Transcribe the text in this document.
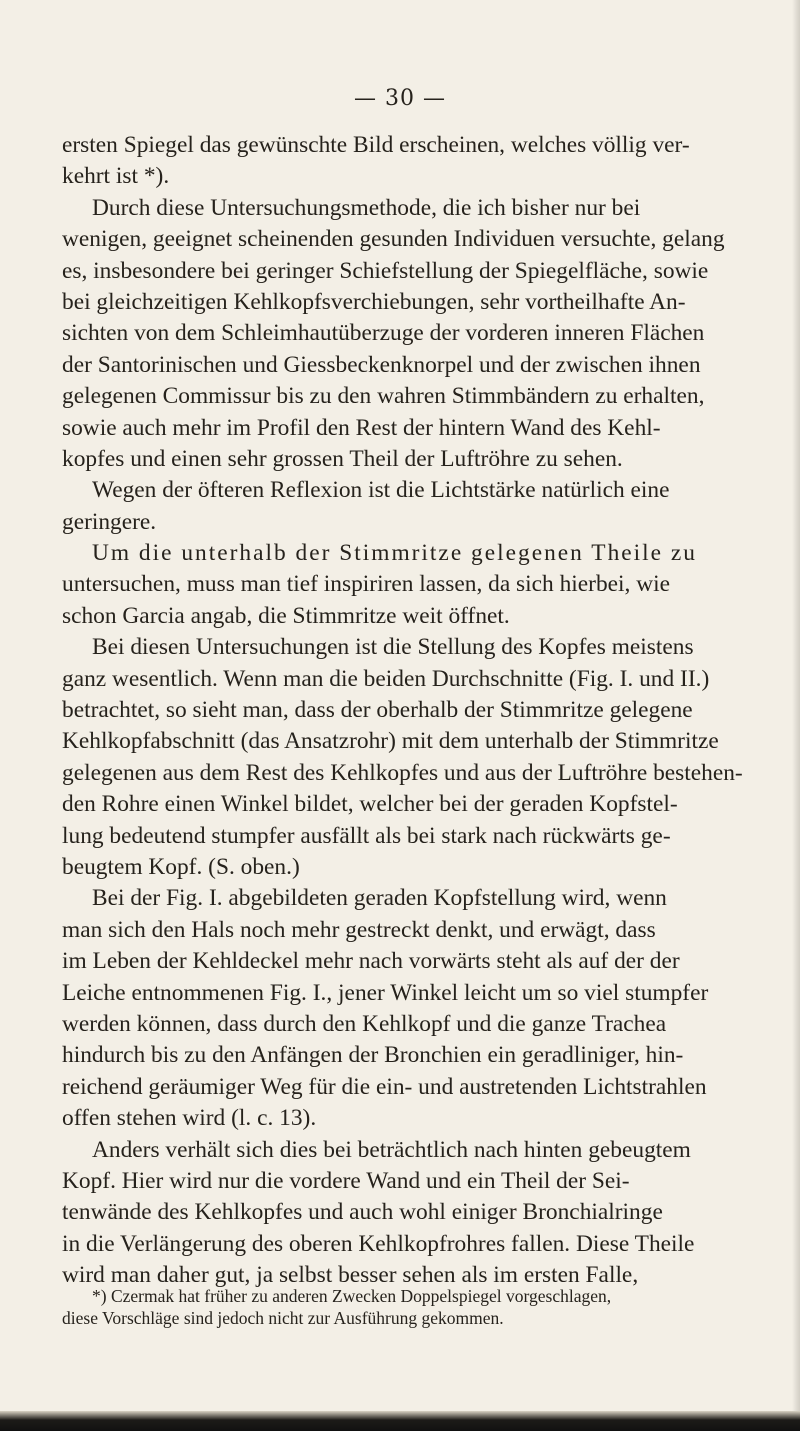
— 30 —
ersten Spiegel das gewünschte Bild erscheinen, welches völlig ver-
kehrt ist *).
Durch diese Untersuchungsmethode, die ich bisher nur bei
wenigen, geeignet scheinenden gesunden Individuen versuchte, gelang
es, insbesondere bei geringer Schiefstellung der Spiegelfläche, sowie
bei gleichzeitigen Kehlkopfsverchiebungen, sehr vortheilhafte An-
sichten von dem Schleimhautüberzuge der vorderen inneren Flächen
der Santorinischen und Giessbeckenknorpel und der zwischen ihnen
gelegenen Commissur bis zu den wahren Stimmbändern zu erhalten,
sowie auch mehr im Profil den Rest der hintern Wand des Kehl-
kopfes und einen sehr grossen Theil der Luftröhre zu sehen.
Wegen der öfteren Reflexion ist die Lichtstärke natürlich eine
geringere.
Um die unterhalb der Stimmritze gelegenen Theile zu
untersuchen, muss man tief inspiriren lassen, da sich hierbei, wie
schon Garcia angab, die Stimmritze weit öffnet.
Bei diesen Untersuchungen ist die Stellung des Kopfes meistens
ganz wesentlich. Wenn man die beiden Durchschnitte (Fig. I. und II.)
betrachtet, so sieht man, dass der oberhalb der Stimmritze gelegene
Kehlkopfabschnitt (das Ansatzrohr) mit dem unterhalb der Stimmritze
gelegenen aus dem Rest des Kehlkopfes und aus der Luftröhre bestehen-
den Rohre einen Winkel bildet, welcher bei der geraden Kopfstel-
lung bedeutend stumpfer ausfällt als bei stark nach rückwärts ge-
beugtem Kopf. (S. oben.)
Bei der Fig. I. abgebildeten geraden Kopfstellung wird, wenn
man sich den Hals noch mehr gestreckt denkt, und erwägt, dass
im Leben der Kehldeckel mehr nach vorwärts steht als auf der der
Leiche entnommenen Fig. I., jener Winkel leicht um so viel stumpfer
werden können, dass durch den Kehlkopf und die ganze Trachea
hindurch bis zu den Anfängen der Bronchien ein geradliniger, hin-
reichend geräumiger Weg für die ein- und austretenden Lichtstrahlen
offen stehen wird (l. c. 13).
Anders verhält sich dies bei beträchtlich nach hinten gebeugtem
Kopf. Hier wird nur die vordere Wand und ein Theil der Sei-
tenwände des Kehlkopfes und auch wohl einiger Bronchialringe
in die Verlängerung des oberen Kehlkopfrohres fallen. Diese Theile
wird man daher gut, ja selbst besser sehen als im ersten Falle,
*) Czermak hat früher zu anderen Zwecken Doppelspiegel vorgeschlagen,
diese Vorschläge sind jedoch nicht zur Ausführung gekommen.
